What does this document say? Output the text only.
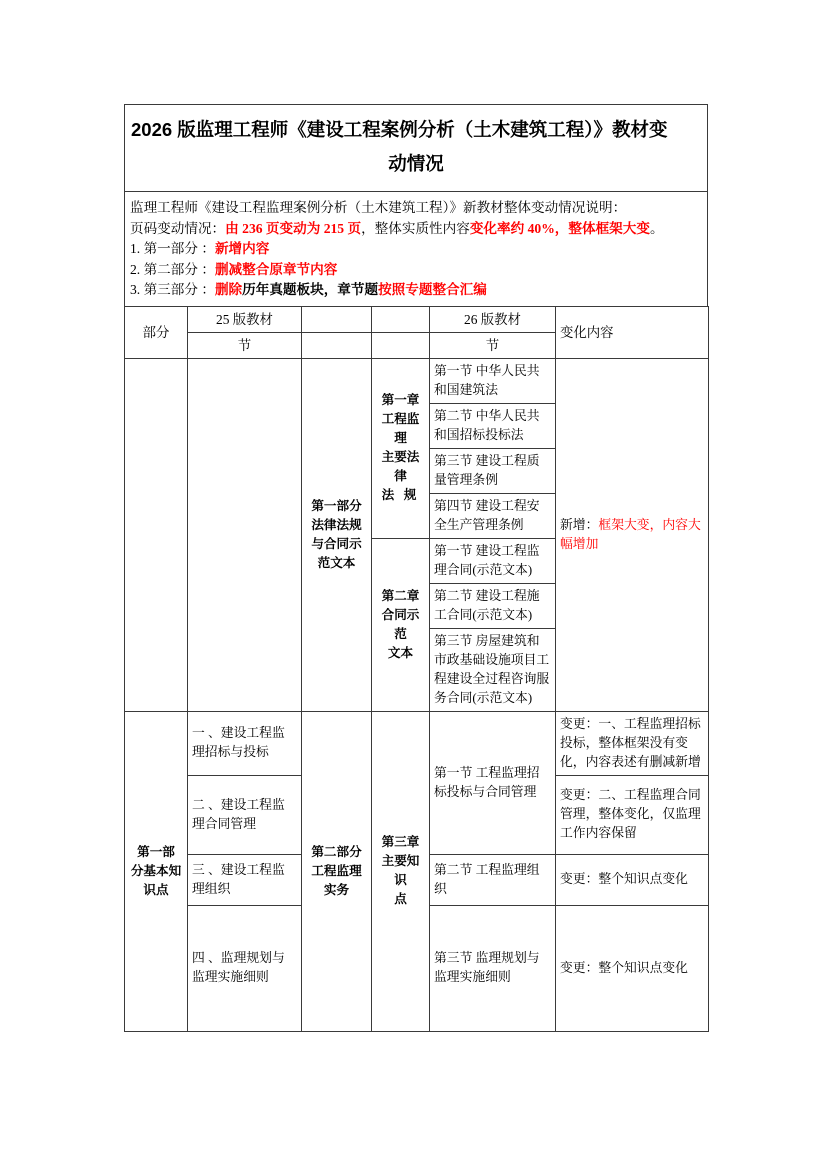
2026 版监理工程师《建设工程案例分析（土木建筑工程）》教材变
动情况

监理工程师《建设工程监理案例分析（土木建筑工程）》新教材整体变动情况说明：

页码变动情况：由 236 页变动为 215 页，整体实质性内容变化率约 40%，整体框架大变。

1. 第一部分 ：新增内容

2. 第二部分 ：删减整合原章节内容

3. 第三部分 ：删除历年真题板块，章节题按照专题整合汇编

部分	25 版教材			26 版教材	变化内容
	节			节	

		第一部分
法律法规
与合同示
范文本	第一章
工程监理
主要法律
法 规	第一节 中华人民共和国建筑法	新增：框架大变，内容大幅增加
				第二节 中华人民共和国招标投标法	
				第三节 建设工程质量管理条例	
				第四节 建设工程安全生产管理条例	

			第二章
合同示范
文本	第一节 建设工程监理合同(示范文本)	
				第二节 建设工程施工合同(示范文本)	
				第三节 房屋建筑和市政基础设施项目工程建设全过程咨询服务合同(示范文本)	

第一部
分基本知
识点	一 、建设工程监理招标与投标	第二部分
工程监理
实务	第三章
主要知识
点	第一节 工程监理招标投标与合同管理	变更：一、工程监理招标投标，整体框架没有变化，内容表述有删减新增
	二 、建设工程监理合同管理				变更：二、工程监理合同管理，整体变化，仅监理工作内容保留
	三 、建设工程监理组织			第二节 工程监理组织	变更：整个知识点变化
	四 、监理规划与监理实施细则			第三节 监理规划与监理实施细则	变更：整个知识点变化
